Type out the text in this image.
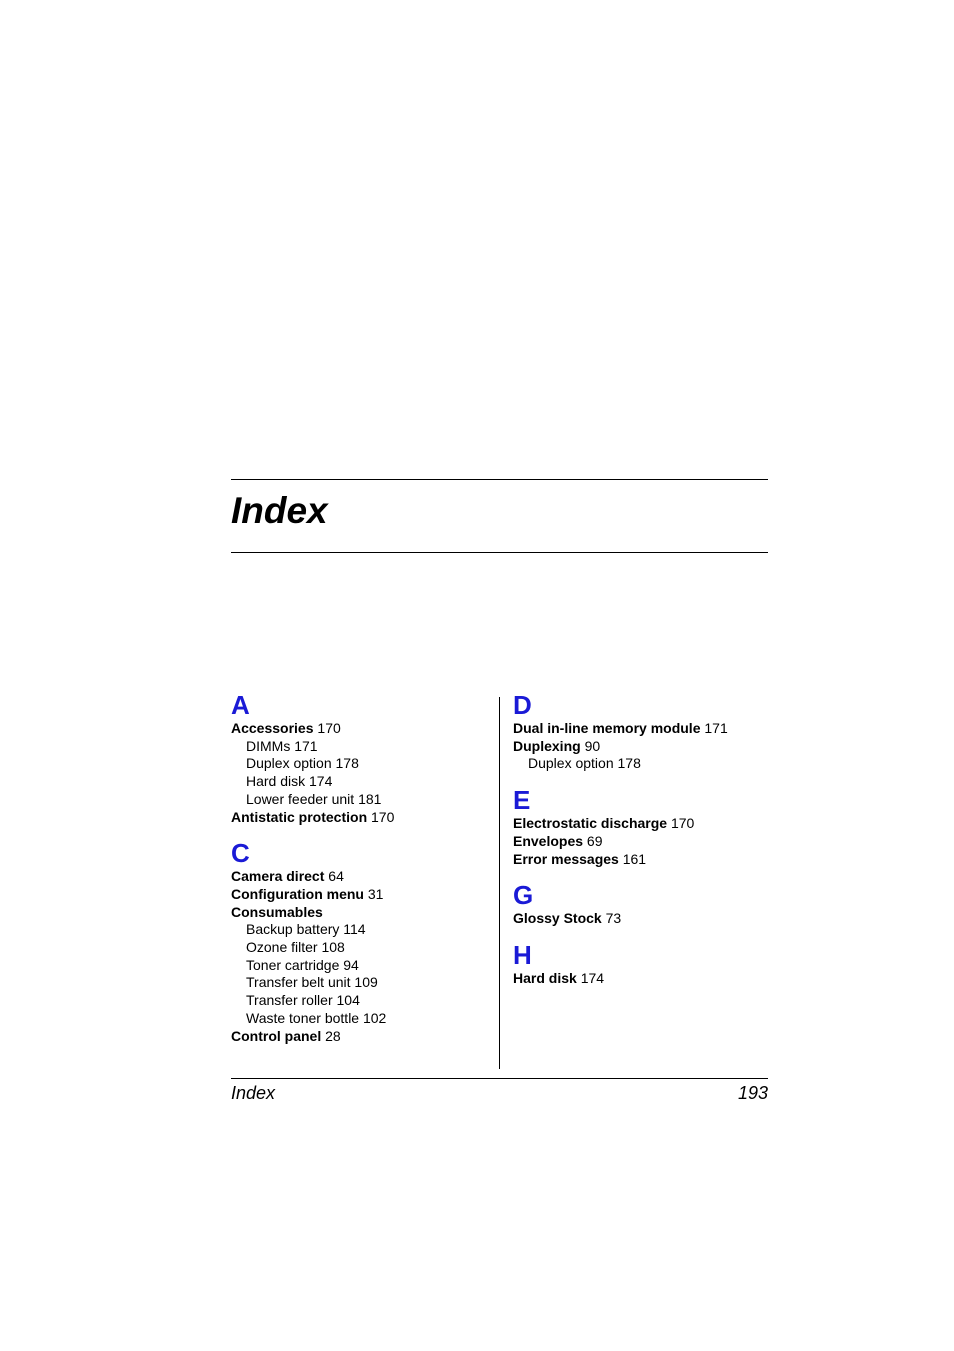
Index
A
Accessories 170
DIMMs 171
Duplex option 178
Hard disk 174
Lower feeder unit 181
Antistatic protection 170
C
Camera direct 64
Configuration menu 31
Consumables
Backup battery 114
Ozone filter 108
Toner cartridge 94
Transfer belt unit 109
Transfer roller 104
Waste toner bottle 102
Control panel 28
D
Dual in-line memory module 171
Duplexing 90
Duplex option 178
E
Electrostatic discharge 170
Envelopes 69
Error messages 161
G
Glossy Stock 73
H
Hard disk 174
Index	193
